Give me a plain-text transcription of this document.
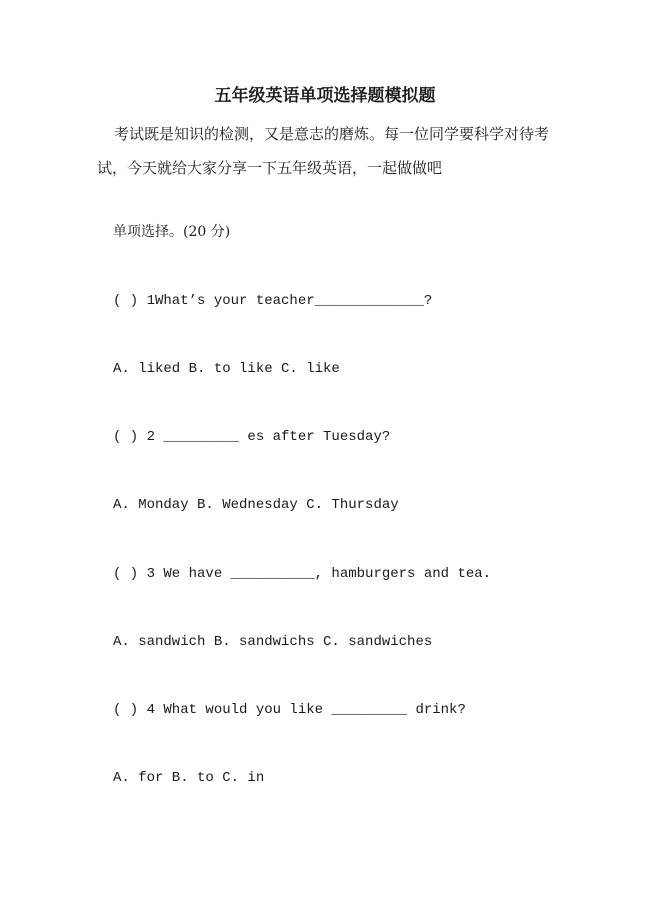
五年级英语单项选择题模拟题

考试既是知识的检测，又是意志的磨炼。每一位同学要科学对待考试，今天就给大家分享一下五年级英语，一起做做吧

单项选择。(20 分)

( ) 1What’s your teacher_____________?

A. liked B. to like C. like

( ) 2 _________ es after Tuesday?

A. Monday B. Wednesday C. Thursday

( ) 3 We have __________, hamburgers and tea.

A. sandwich B. sandwichs C. sandwiches

( ) 4 What would you like _________ drink?

A. for B. to C. in
